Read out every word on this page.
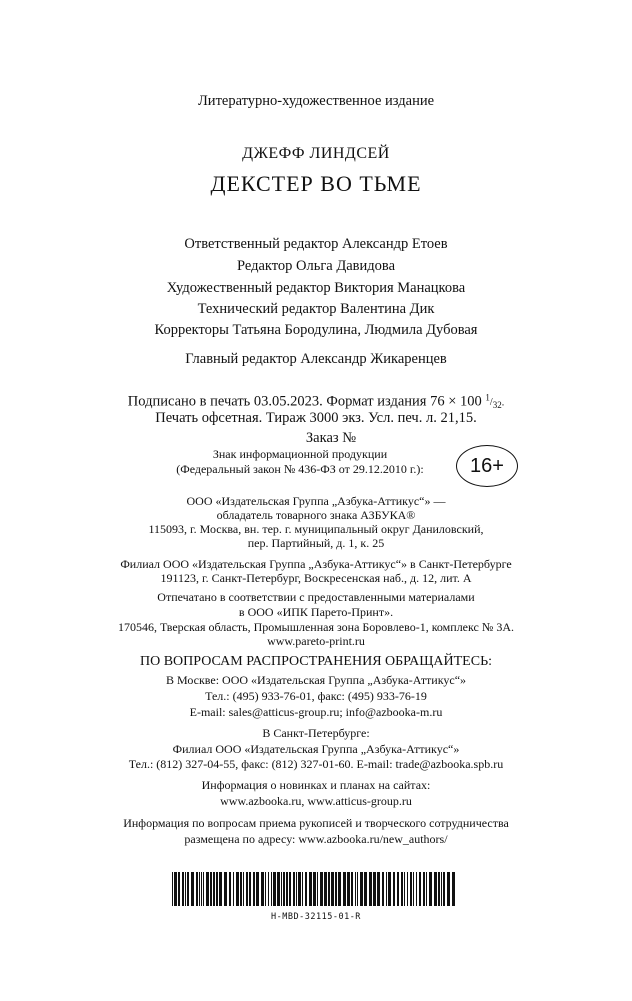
Литературно-художественное издание
ДЖЕФФ ЛИНДСЕЙ
ДЕКСТЕР ВО ТЬМЕ
Ответственный редактор Александр Етоев
Редактор Ольга Давидова
Художественный редактор Виктория Манацкова
Технический редактор Валентина Дик
Корректоры Татьяна Бородулина, Людмила Дубовая
Главный редактор Александр Жикаренцев
Подписано в печать 03.05.2023. Формат издания 76 × 100 $^1/_{32}$.
Печать офсетная. Тираж 3000 экз. Усл. печ. л. 21,15.
Заказ №
Знак информационной продукции
(Федеральный закон № 436-ФЗ от 29.12.2010 г.):	16+
ООО «Издательская Группа „Азбука-Аттикус“» —
обладатель товарного знака АЗБУКА®
115093, г. Москва, вн. тер. г. муниципальный округ Даниловский,
пер. Партийный, д. 1, к. 25
Филиал ООО «Издательская Группа „Азбука-Аттикус“» в Санкт-Петербурге
191123, г. Санкт-Петербург, Воскресенская наб., д. 12, лит. А
Отпечатано в соответствии с предоставленными материалами
в ООО «ИПК Парето-Принт».
170546, Тверская область, Промышленная зона Боровлево-1, комплекс № 3А.
www.pareto-print.ru
ПО ВОПРОСАМ РАСПРОСТРАНЕНИЯ ОБРАЩАЙТЕСЬ:
В Москве: ООО «Издательская Группа „Азбука-Аттикус“»
Тел.: (495) 933-76-01, факс: (495) 933-76-19
E-mail: sales@atticus-group.ru; info@azbooka-m.ru
В Санкт-Петербурге:
Филиал ООО «Издательская Группа „Азбука-Аттикус“»
Тел.: (812) 327-04-55, факс: (812) 327-01-60. E-mail: trade@azbooka.spb.ru
Информация о новинках и планах на сайтах:
www.azbooka.ru, www.atticus-group.ru
Информация по вопросам приема рукописей и творческого сотрудничества
размещена по адресу: www.azbooka.ru/new_authors/
H-MBD-32115-01-R
